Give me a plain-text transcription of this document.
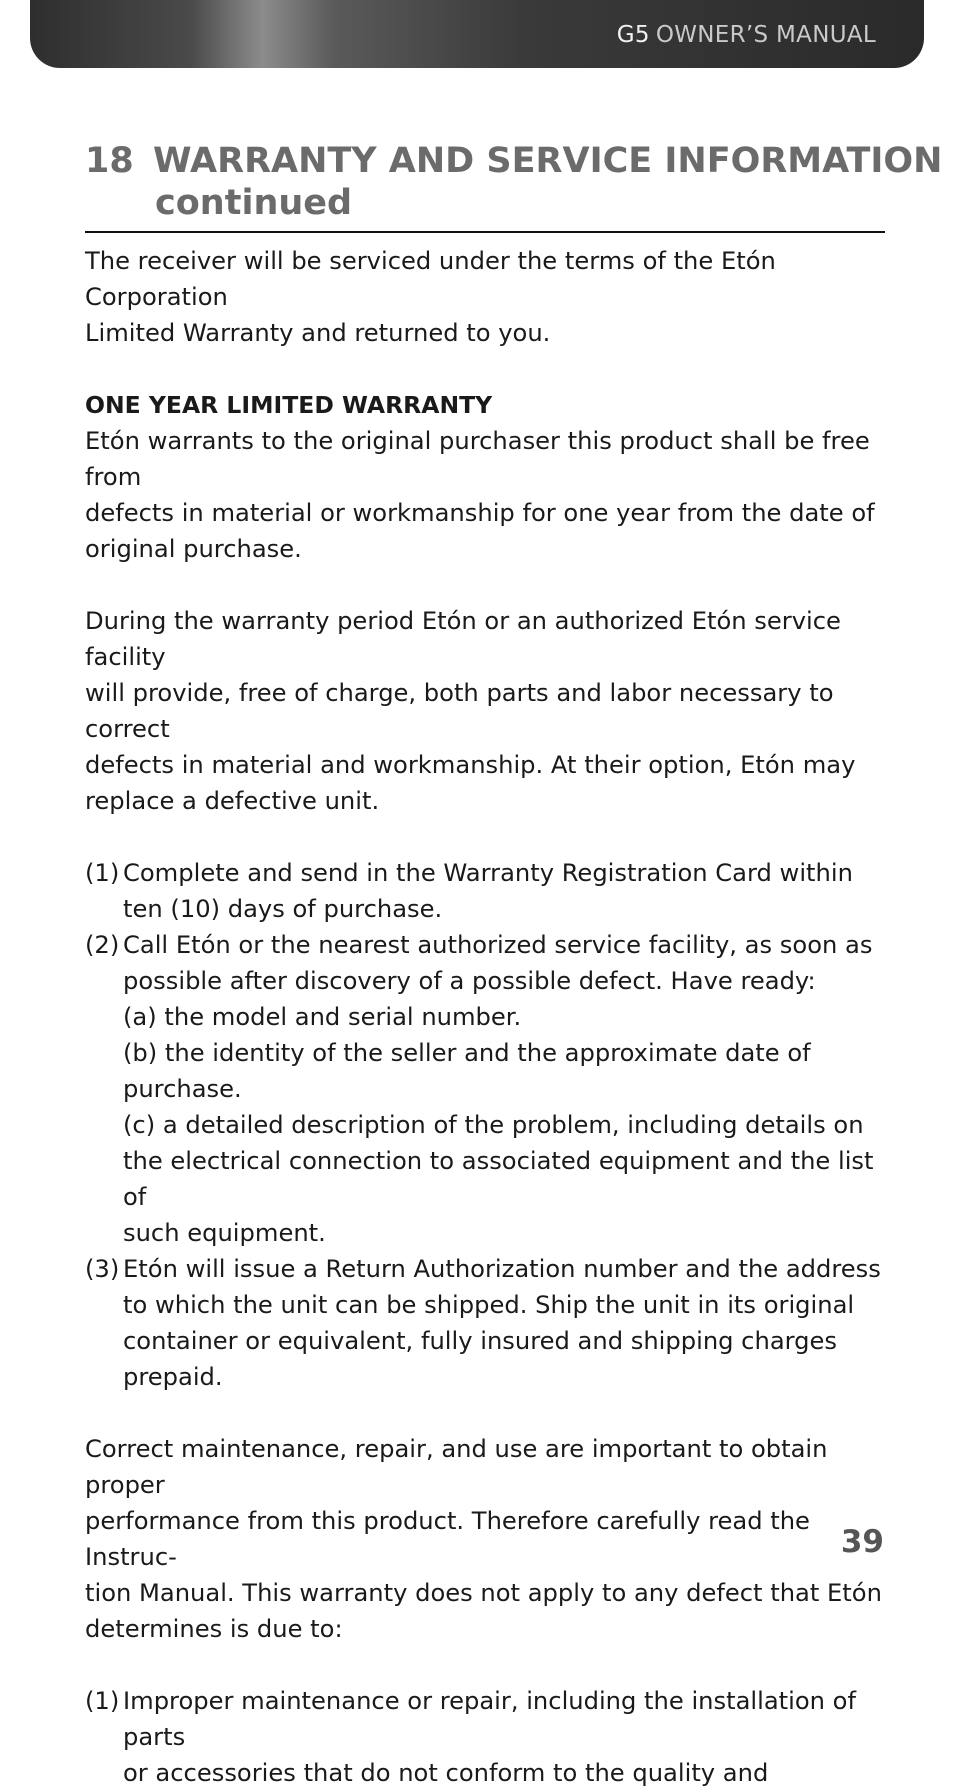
G5 OWNER’S MANUAL
18 WARRANTY AND SERVICE INFORMATION
continued

The receiver will be serviced under the terms of the Etón Corporation
Limited Warranty and returned to you.

ONE YEAR LIMITED WARRANTY

Etón warrants to the original purchaser this product shall be free from
defects in material or workmanship for one year from the date of
original purchase.

During the warranty period Etón or an authorized Etón service facility
will provide, free of charge, both parts and labor necessary to correct
defects in material and workmanship. At their option, Etón may
replace a defective unit.

(1) Complete and send in the Warranty Registration Card within
ten (10) days of purchase.
(2) Call Etón or the nearest authorized service facility, as soon as
possible after discovery of a possible defect. Have ready:
(a) the model and serial number.
(b) the identity of the seller and the approximate date of purchase.
(c) a detailed description of the problem, including details on
the electrical connection to associated equipment and the list of
such equipment.
(3) Etón will issue a Return Authorization number and the address
to which the unit can be shipped. Ship the unit in its original
container or equivalent, fully insured and shipping charges prepaid.

Correct maintenance, repair, and use are important to obtain proper
performance from this product. Therefore carefully read the Instruc-
tion Manual. This warranty does not apply to any defect that Etón
determines is due to:

(1) Improper maintenance or repair, including the installation of parts
or accessories that do not conform to the quality and
39
